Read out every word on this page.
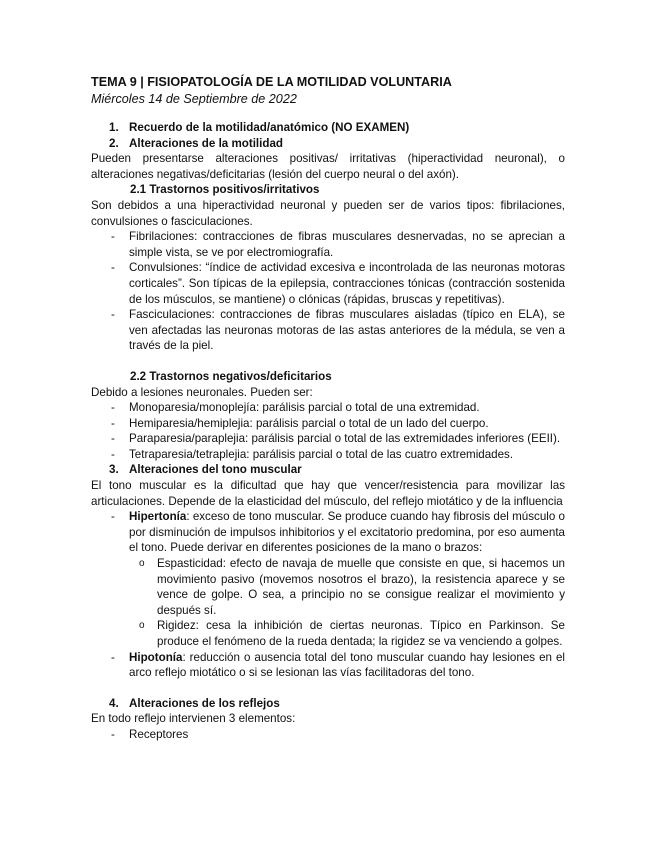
TEMA 9 | FISIOPATOLOGÍA DE LA MOTILIDAD VOLUNTARIA
Miércoles 14 de Septiembre de 2022
1. Recuerdo de la motilidad/anatómico (NO EXAMEN)
2. Alteraciones de la motilidad
Pueden presentarse alteraciones positivas/ irritativas (hiperactividad neuronal), o alteraciones negativas/deficitarias (lesión del cuerpo neural o del axón).
2.1 Trastornos positivos/irritativos
Son debidos a una hiperactividad neuronal y pueden ser de varios tipos: fibrilaciones, convulsiones o fasciculaciones.
- Fibrilaciones: contracciones de fibras musculares desnervadas, no se aprecian a simple vista, se ve por electromiografía.
- Convulsiones: “índice de actividad excesiva e incontrolada de las neuronas motoras corticales”. Son típicas de la epilepsia, contracciones tónicas (contracción sostenida de los músculos, se mantiene) o clónicas (rápidas, bruscas y repetitivas).
- Fasciculaciones: contracciones de fibras musculares aisladas (típico en ELA), se ven afectadas las neuronas motoras de las astas anteriores de la médula, se ven a través de la piel.
2.2 Trastornos negativos/deficitarios
Debido a lesiones neuronales. Pueden ser:
- Monoparesia/monoplejía: parálisis parcial o total de una extremidad.
- Hemiparesia/hemiplejia: parálisis parcial o total de un lado del cuerpo.
- Paraparesia/paraplejia: parálisis parcial o total de las extremidades inferiores (EEII).
- Tetraparesia/tetraplejia: parálisis parcial o total de las cuatro extremidades.
3. Alteraciones del tono muscular
El tono muscular es la dificultad que hay que vencer/resistencia para movilizar las articulaciones. Depende de la elasticidad del músculo, del reflejo miotático y de la influencia
- Hipertonía: exceso de tono muscular. Se produce cuando hay fibrosis del músculo o por disminución de impulsos inhibitorios y el excitatorio predomina, por eso aumenta el tono. Puede derivar en diferentes posiciones de la mano o brazos:
o Espasticidad: efecto de navaja de muelle que consiste en que, si hacemos un movimiento pasivo (movemos nosotros el brazo), la resistencia aparece y se vence de golpe. O sea, a principio no se consigue realizar el movimiento y después sí.
o Rigidez: cesa la inhibición de ciertas neuronas. Típico en Parkinson. Se produce el fenómeno de la rueda dentada; la rigidez se va venciendo a golpes.
- Hipotonía: reducción o ausencia total del tono muscular cuando hay lesiones en el arco reflejo miotático o si se lesionan las vías facilitadoras del tono.
4. Alteraciones de los reflejos
En todo reflejo intervienen 3 elementos:
- Receptores
